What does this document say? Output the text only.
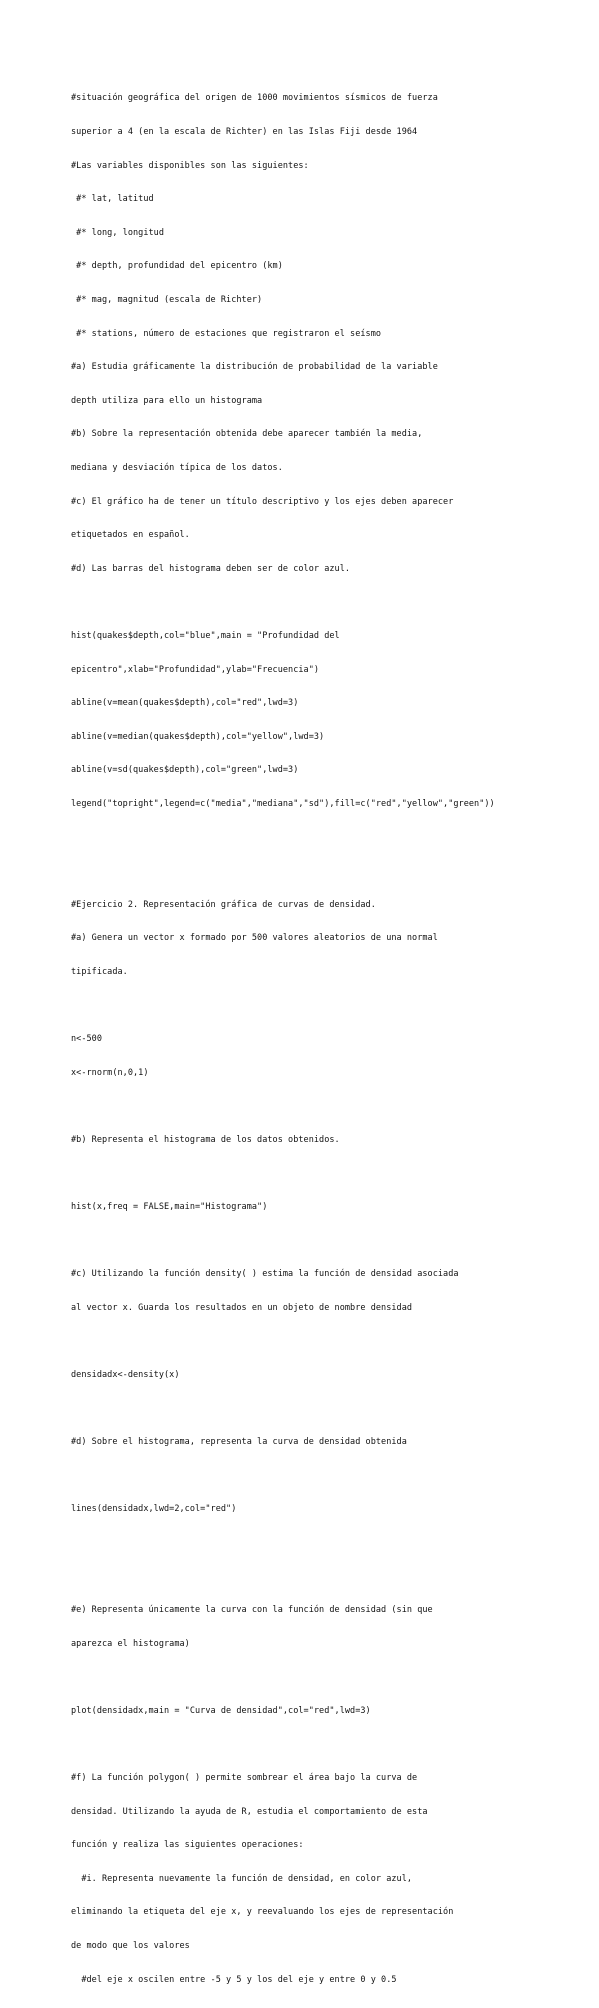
#situación geográfica del origen de 1000 movimientos sísmicos de fuerza

superior a 4 (en la escala de Richter) en las Islas Fiji desde 1964

#Las variables disponibles son las siguientes:

#* lat, latitud

#* long, longitud

#* depth, profundidad del epicentro (km)

#* mag, magnitud (escala de Richter)

#* stations, número de estaciones que registraron el seísmo

#a) Estudia gráficamente la distribución de probabilidad de la variable

depth utiliza para ello un histograma

#b) Sobre la representación obtenida debe aparecer también la media,

mediana y desviación típica de los datos.

#c) El gráfico ha de tener un título descriptivo y los ejes deben aparecer

etiquetados en español.

#d) Las barras del histograma deben ser de color azul.

hist(quakes$depth,col="blue",main = "Profundidad del

epicentro",xlab="Profundidad",ylab="Frecuencia")

abline(v=mean(quakes$depth),col="red",lwd=3)

abline(v=median(quakes$depth),col="yellow",lwd=3)

abline(v=sd(quakes$depth),col="green",lwd=3)

legend("topright",legend=c("media","mediana","sd"),fill=c("red","yellow","green"))

#Ejercicio 2. Representación gráfica de curvas de densidad.

#a) Genera un vector x formado por 500 valores aleatorios de una normal

tipificada.

n<-500

x<-rnorm(n,0,1)

#b) Representa el histograma de los datos obtenidos.

hist(x,freq = FALSE,main="Histograma")

#c) Utilizando la función density( ) estima la función de densidad asociada

al vector x. Guarda los resultados en un objeto de nombre densidad

densidadx<-density(x)

#d) Sobre el histograma, representa la curva de densidad obtenida

lines(densidadx,lwd=2,col="red")

#e) Representa únicamente la curva con la función de densidad (sin que

aparezca el histograma)

plot(densidadx,main = "Curva de densidad",col="red",lwd=3)

#f) La función polygon( ) permite sombrear el área bajo la curva de

densidad. Utilizando la ayuda de R, estudia el comportamiento de esta

función y realiza las siguientes operaciones:

#i. Representa nuevamente la función de densidad, en color azul,

eliminando la etiqueta del eje x, y reevaluando los ejes de representación

de modo que los valores

#del eje x oscilen entre -5 y 5 y los del eje y entre 0 y 0.5
